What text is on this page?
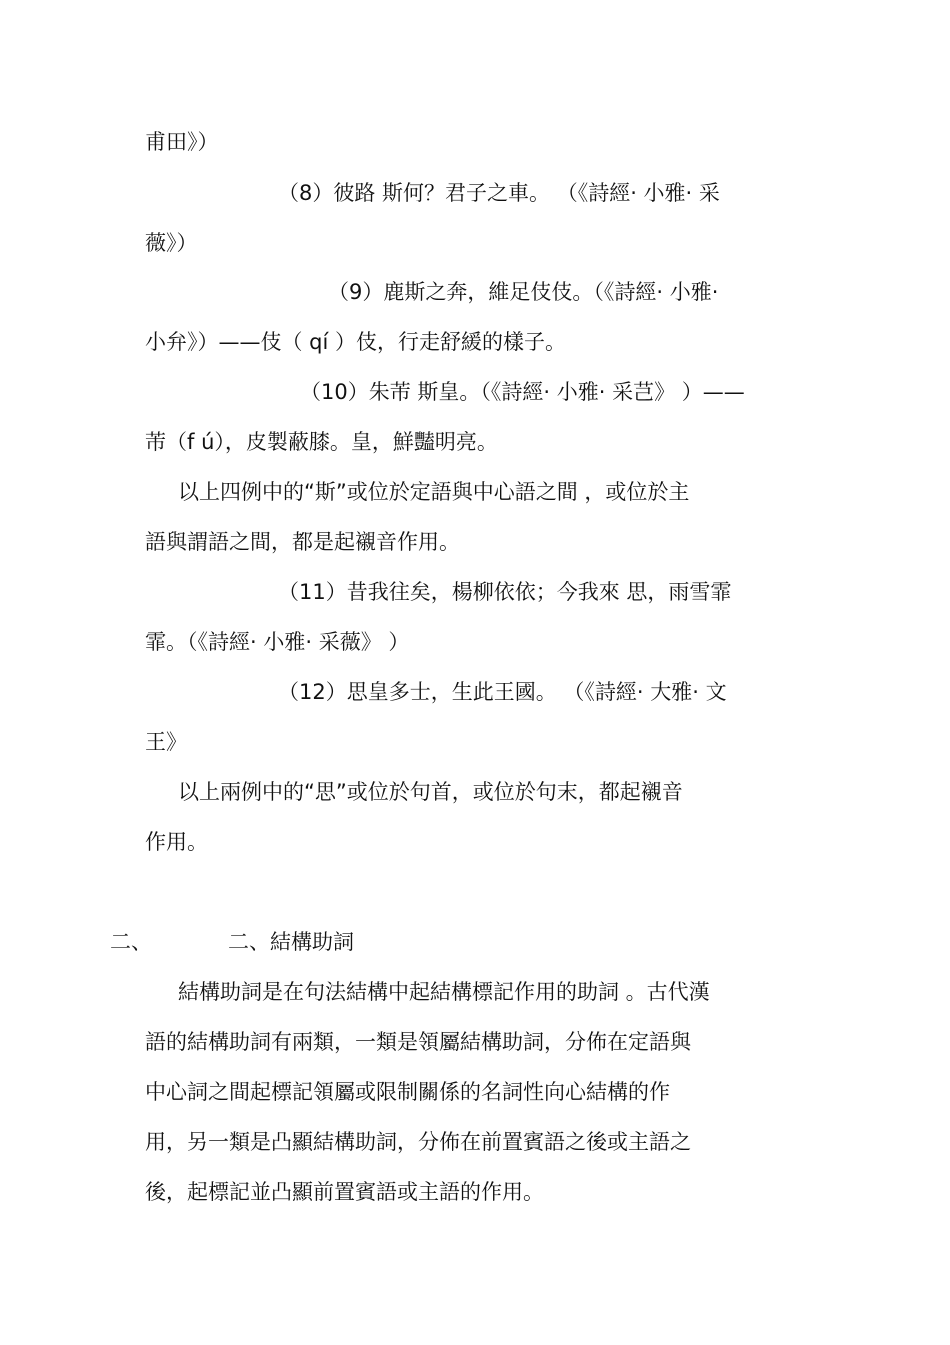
甫田》）
（8）彼路 斯何？君子之車。 （《詩經· 小雅· 采
薇》）
（9）鹿斯之奔，維足伎伎。（《詩經· 小雅·
小弁》）——伎（ qí ）伎，行走舒緩的樣子。
（10）朱芾 斯皇。（《詩經· 小雅· 采芑》 ）——
芾（f ú），皮製蔽膝。皇，鮮豔明亮。
以上四例中的“斯”或位於定語與中心語之間 ，或位於主
語與謂語之間，都是起襯音作用。
（11）昔我往矣，楊柳依依；今我來 思，雨雪霏
霏。（《詩經· 小雅· 采薇》 ）
（12）思皇多士，生此王國。 （《詩經· 大雅· 文
王》
以上兩例中的“思”或位於句首，或位於句末，都起襯音
作用。
二、	二、結構助詞
結構助詞是在句法結構中起結構標記作用的助詞 。古代漢
語的結構助詞有兩類，一類是領屬結構助詞，分佈在定語與
中心詞之間起標記領屬或限制關係的名詞性向心結構的作
用，另一類是凸顯結構助詞，分佈在前置賓語之後或主語之
後，起標記並凸顯前置賓語或主語的作用。
